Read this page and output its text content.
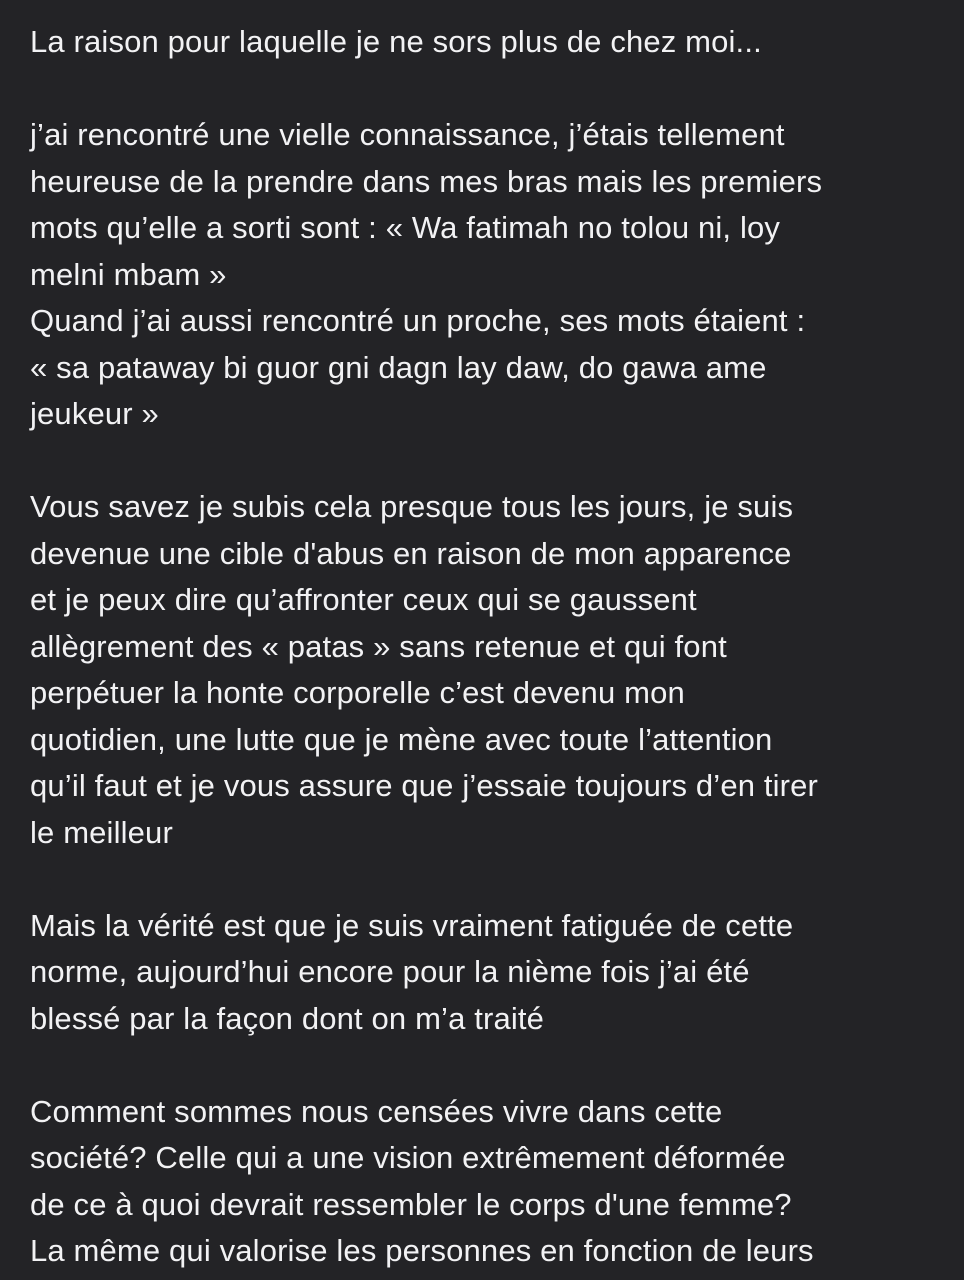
La raison pour laquelle je ne sors plus de chez moi...
j’ai rencontré une vielle connaissance, j’étais tellement
heureuse de la prendre dans mes bras mais les premiers
mots qu’elle a sorti sont : « Wa fatimah no tolou ni, loy
melni mbam »
Quand j’ai aussi rencontré un proche, ses mots étaient :
« sa pataway bi guor gni dagn lay daw, do gawa ame
jeukeur »
Vous savez je subis cela presque tous les jours, je suis
devenue une cible d'abus en raison de mon apparence
et je peux dire qu’affronter ceux qui se gaussent
allègrement des « patas » sans retenue et qui font
perpétuer la honte corporelle c’est devenu mon
quotidien, une lutte que je mène avec toute l’attention
qu’il faut et je vous assure que j’essaie toujours d’en tirer
le meilleur
Mais la vérité est que je suis vraiment fatiguée de cette
norme, aujourd’hui encore pour la nième fois j’ai été
blessé par la façon dont on m’a traité
Comment sommes nous censées vivre dans cette
société? Celle qui a une vision extrêmement déformée
de ce à quoi devrait ressembler le corps d'une femme?
La même qui valorise les personnes en fonction de leurs
